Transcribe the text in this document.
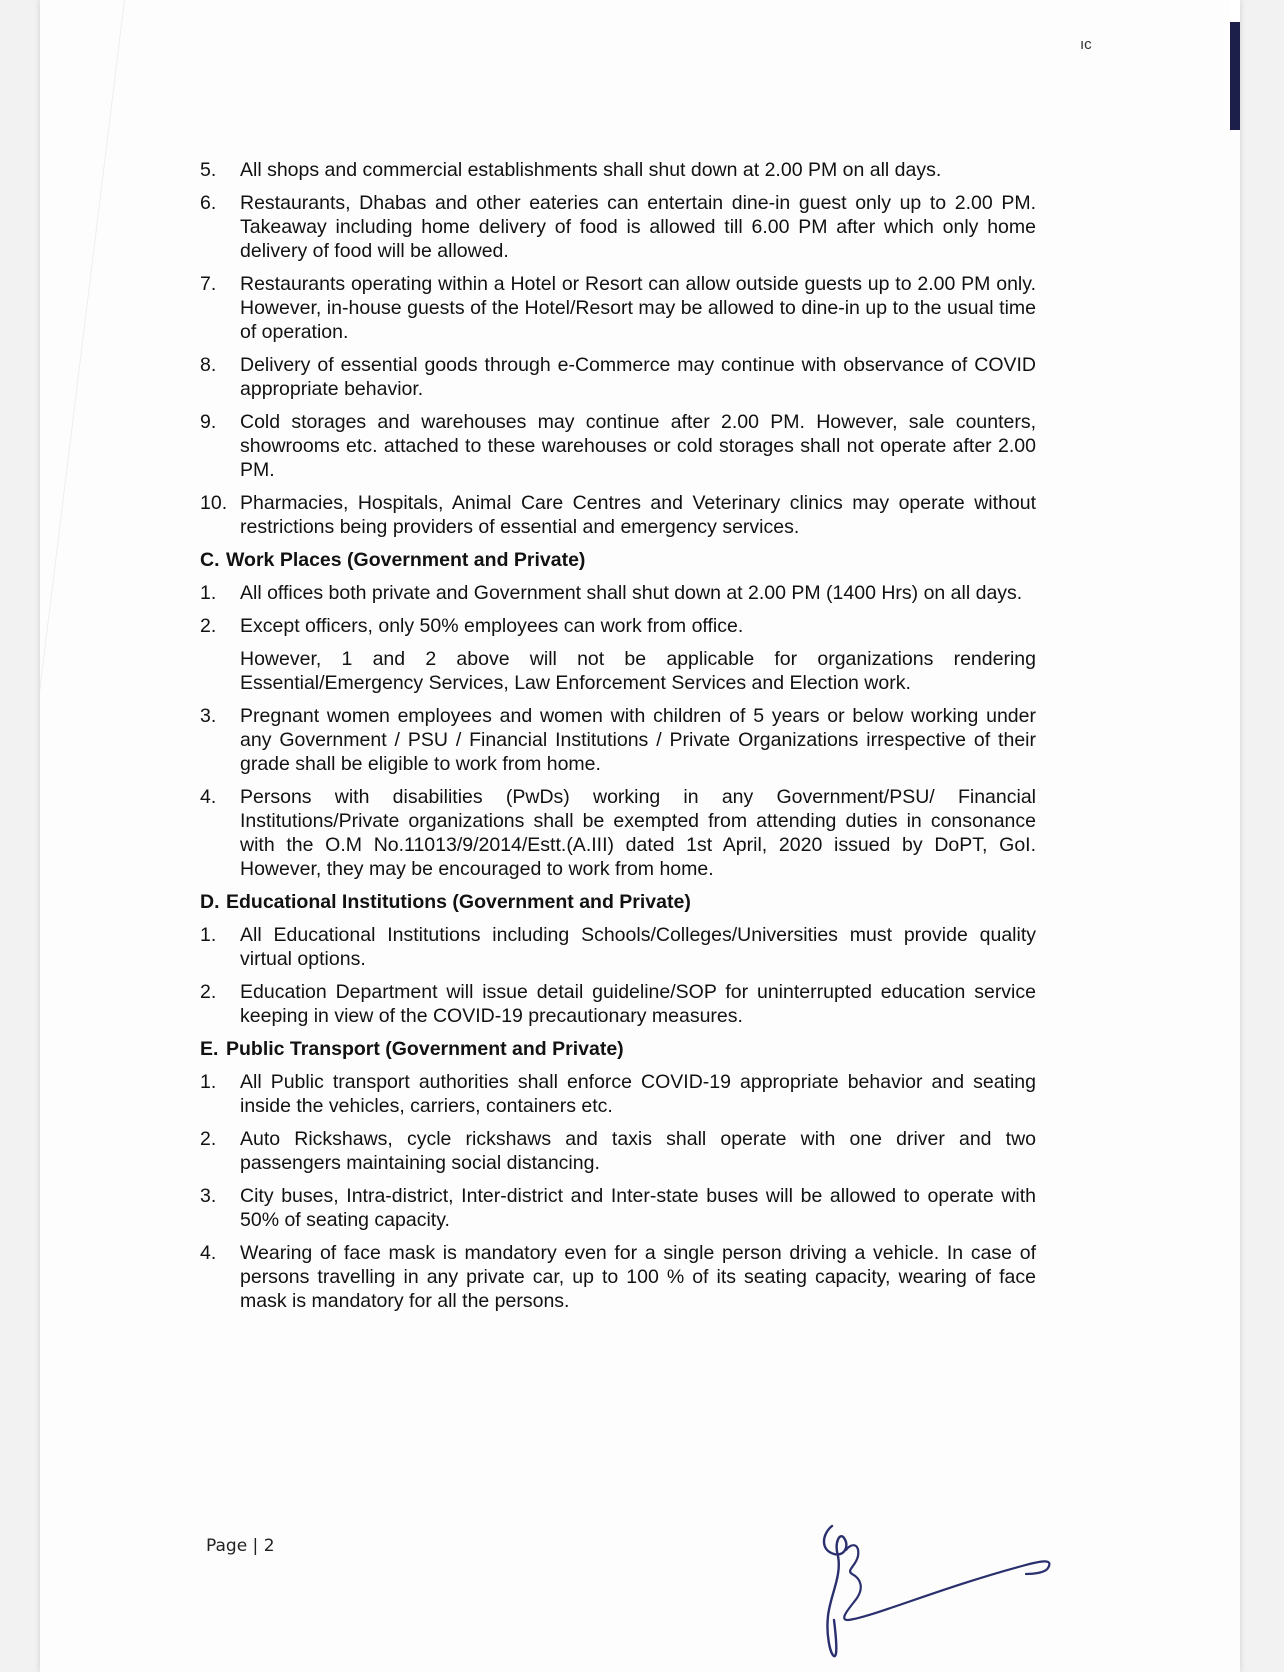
ıc
5.	All shops and commercial establishments shall shut down at 2.00 PM on all days.
6.	Restaurants, Dhabas and other eateries can entertain dine-in guest only up to 2.00 PM. Takeaway including home delivery of food is allowed till 6.00 PM after which only home delivery of food will be allowed.
7.	Restaurants operating within a Hotel or Resort can allow outside guests up to 2.00 PM only. However, in-house guests of the Hotel/Resort may be allowed to dine-in up to the usual time of operation.
8.	Delivery of essential goods through e-Commerce may continue with observance of COVID appropriate behavior.
9.	Cold storages and warehouses may continue after 2.00 PM. However, sale counters, showrooms etc. attached to these warehouses or cold storages shall not operate after 2.00 PM.
10. Pharmacies, Hospitals, Animal Care Centres and Veterinary clinics may operate without restrictions being providers of essential and emergency services.
C. Work Places (Government and Private)
1.	All offices both private and Government shall shut down at 2.00 PM (1400 Hrs) on all days.
2.	Except officers, only 50% employees can work from office.
However, 1 and 2 above will not be applicable for organizations rendering Essential/Emergency Services, Law Enforcement Services and Election work.
3.	Pregnant women employees and women with children of 5 years or below working under any Government / PSU / Financial Institutions / Private Organizations irrespective of their grade shall be eligible to work from home.
4.	Persons with disabilities (PwDs) working in any Government/PSU/ Financial Institutions/Private organizations shall be exempted from attending duties in consonance with the O.M No.11013/9/2014/Estt.(A.III) dated 1st April, 2020 issued by DoPT, GoI. However, they may be encouraged to work from home.
D. Educational Institutions (Government and Private)
1.	All Educational Institutions including Schools/Colleges/Universities must provide quality virtual options.
2.	Education Department will issue detail guideline/SOP for uninterrupted education service keeping in view of the COVID-19 precautionary measures.
E. Public Transport (Government and Private)
1.	All Public transport authorities shall enforce COVID-19 appropriate behavior and seating inside the vehicles, carriers, containers etc.
2.	Auto Rickshaws, cycle rickshaws and taxis shall operate with one driver and two passengers maintaining social distancing.
3.	City buses, Intra-district, Inter-district and Inter-state buses will be allowed to operate with 50% of seating capacity.
4.	Wearing of face mask is mandatory even for a single person driving a vehicle. In case of persons travelling in any private car, up to 100 % of its seating capacity, wearing of face mask is mandatory for all the persons.
Page | 2
